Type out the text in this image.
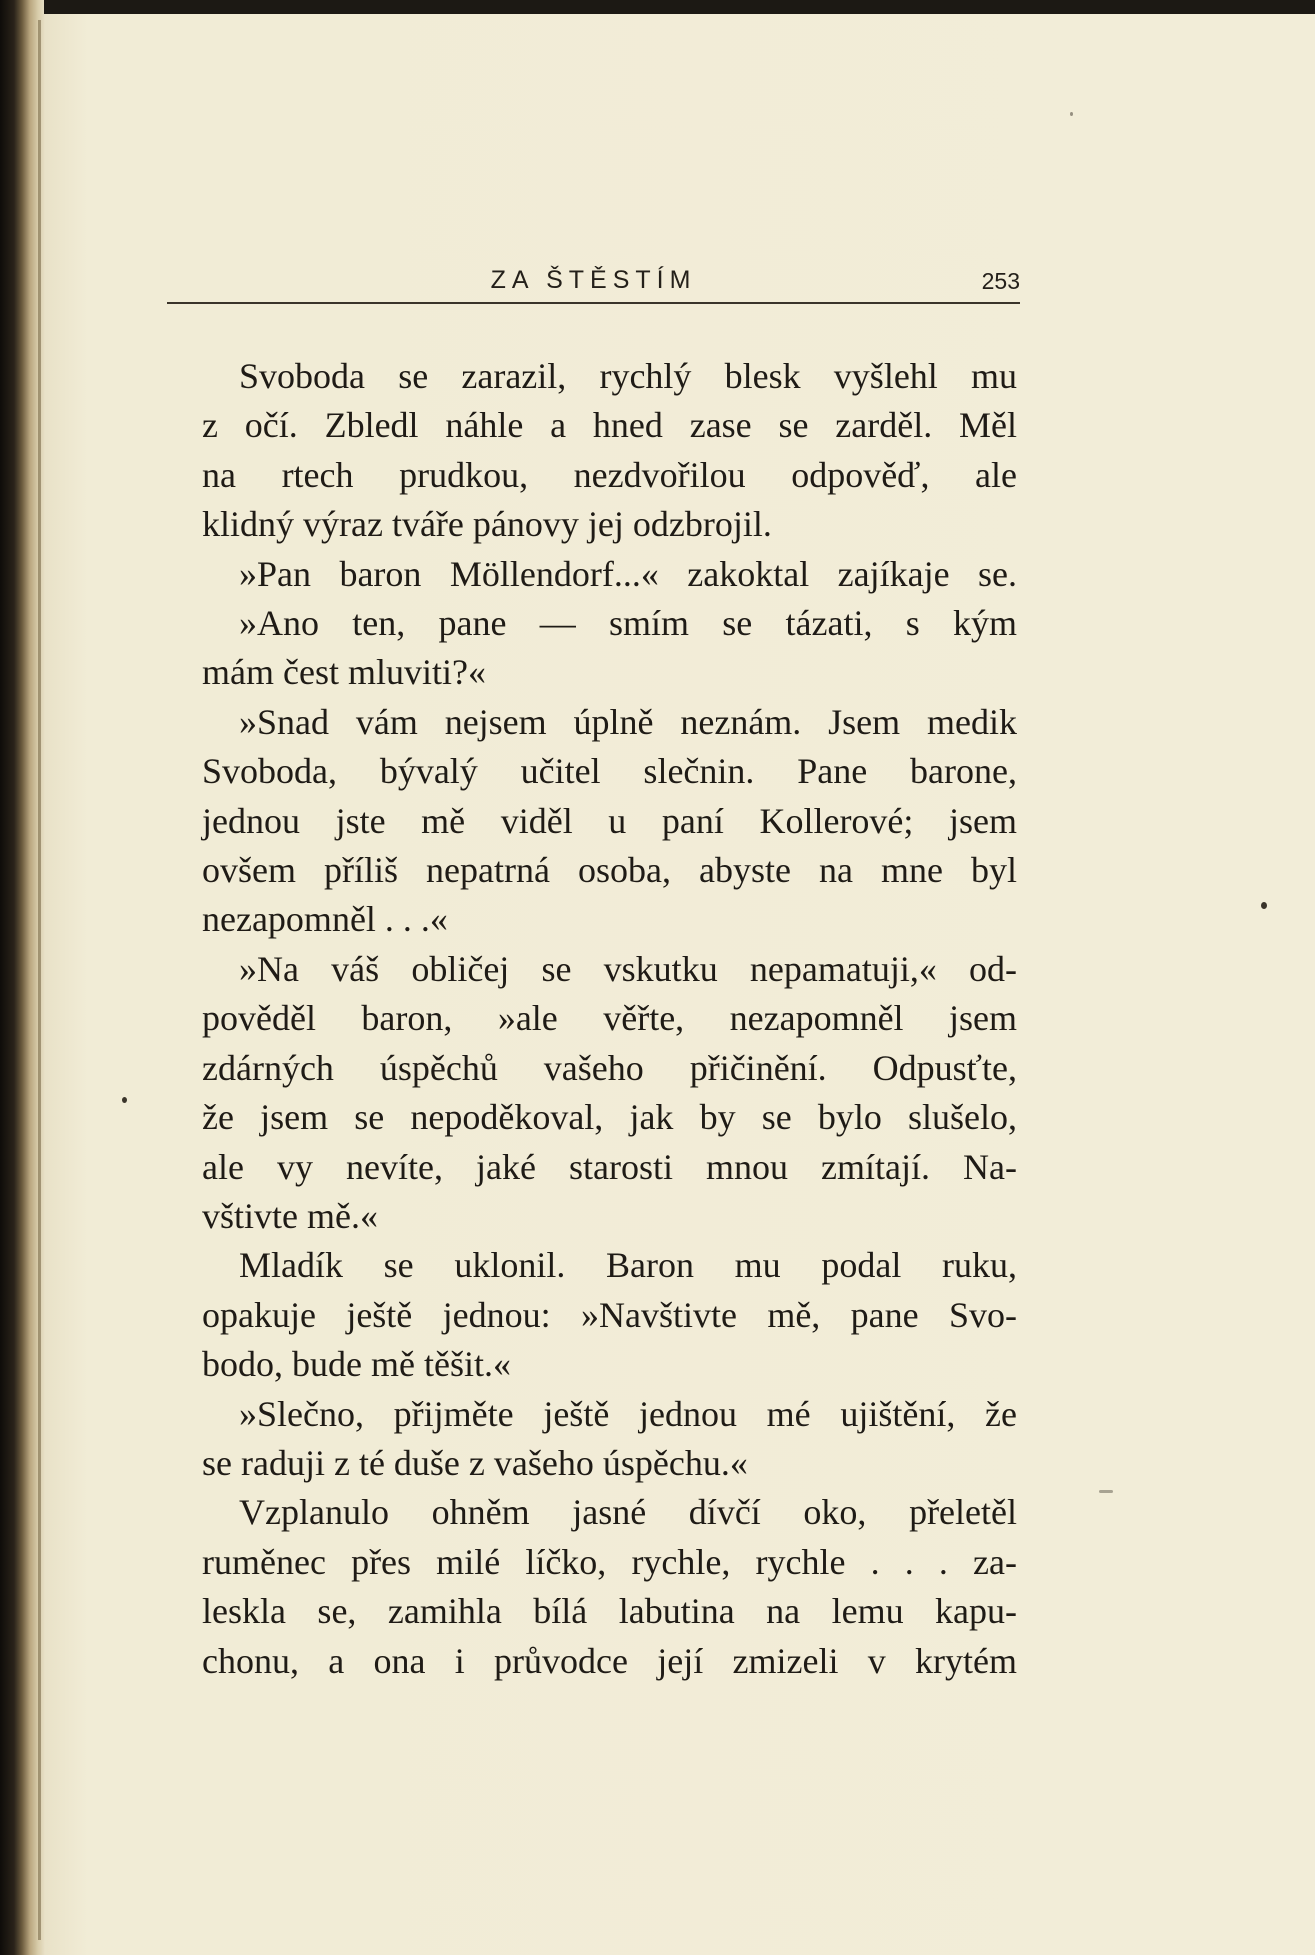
ZA ŠTĚSTÍM	253

Svoboda se zarazil, rychlý blesk vyšlehl mu
z očí. Zbledl náhle a hned zase se zarděl. Měl
na rtech prudkou, nezdvořilou odpověď, ale
klidný výraz tváře pánovy jej odzbrojil.

»Pan baron Möllendorf...« zakoktal zajíkaje se.

»Ano ten, pane — smím se tázati, s kým
mám čest mluviti?«

»Snad vám nejsem úplně neznám. Jsem medik
Svoboda, bývalý učitel slečnin. Pane barone,
jednou jste mě viděl u paní Kollerové; jsem
ovšem příliš nepatrná osoba, abyste na mne byl
nezapomněl . . .«

»Na váš obličej se vskutku nepamatuji,« od-
pověděl baron, »ale věřte, nezapomněl jsem
zdárných úspěchů vašeho přičinění. Odpusťte,
že jsem se nepoděkoval, jak by se bylo slušelo,
ale vy nevíte, jaké starosti mnou zmítají. Na-
vštivte mě.«

Mladík se uklonil. Baron mu podal ruku,
opakuje ještě jednou: »Navštivte mě, pane Svo-
bodo, bude mě těšit.«

»Slečno, přijměte ještě jednou mé ujištění, že
se raduji z té duše z vašeho úspěchu.«

Vzplanulo ohněm jasné dívčí oko, přeletěl
ruměnec přes milé líčko, rychle, rychle . . . za-
leskla se, zamihla bílá labutina na lemu kapu-
chonu, a ona i průvodce její zmizeli v krytém
